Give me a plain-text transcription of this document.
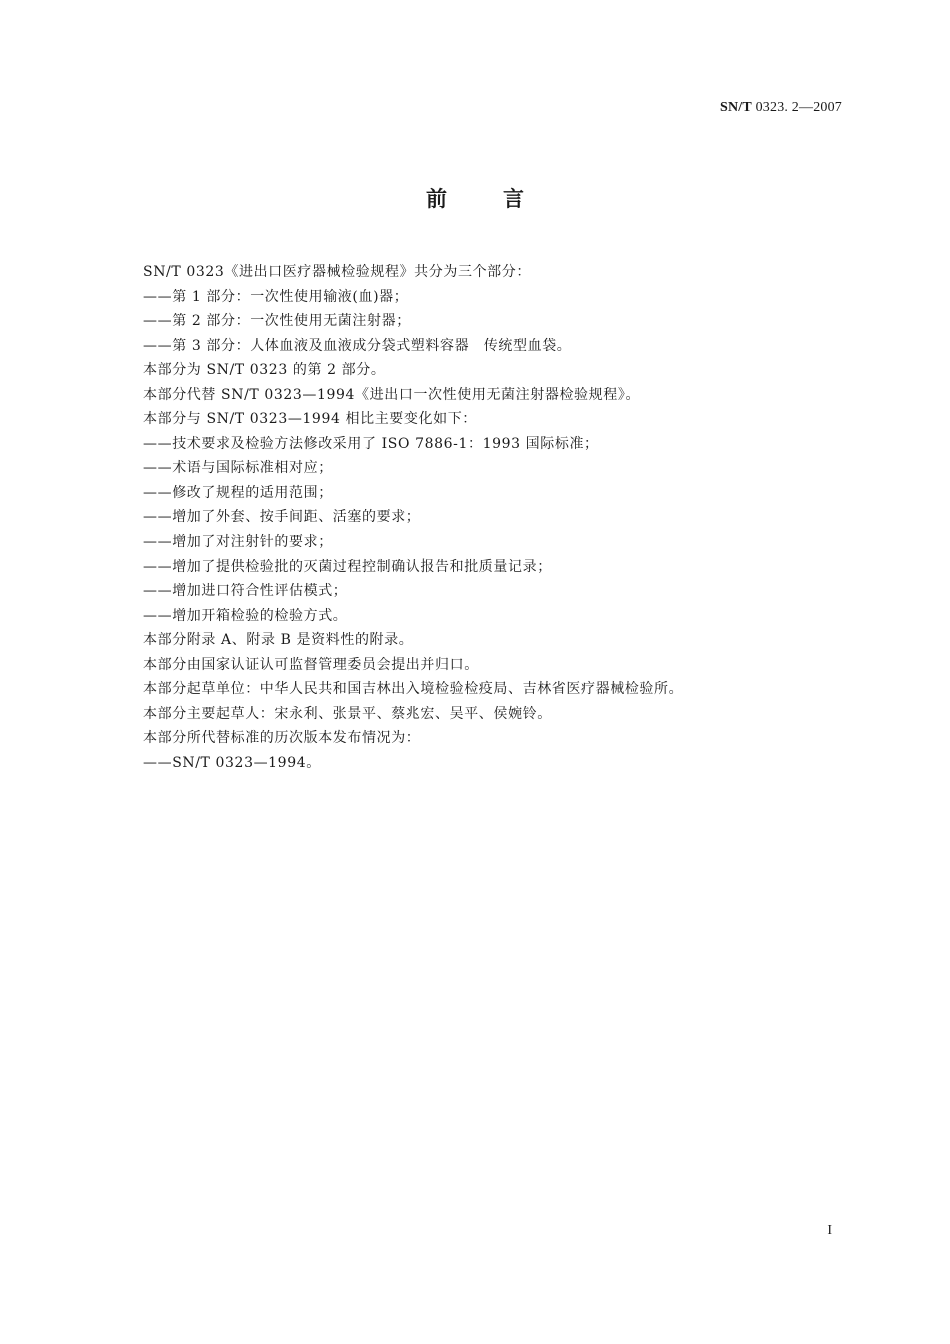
SN/T 0323. 2—2007
前言
SN/T 0323《进出口医疗器械检验规程》共分为三个部分：
——第 1 部分：一次性使用输液(血)器；
——第 2 部分：一次性使用无菌注射器；
——第 3 部分：人体血液及血液成分袋式塑料容器　传统型血袋。
本部分为 SN/T 0323 的第 2 部分。
本部分代替 SN/T 0323—1994《进出口一次性使用无菌注射器检验规程》。
本部分与 SN/T 0323—1994 相比主要变化如下：
——技术要求及检验方法修改采用了 ISO 7886-1：1993 国际标准；
——术语与国际标准相对应；
——修改了规程的适用范围；
——增加了外套、按手间距、活塞的要求；
——增加了对注射针的要求；
——增加了提供检验批的灭菌过程控制确认报告和批质量记录；
——增加进口符合性评估模式；
——增加开箱检验的检验方式。
本部分附录 A、附录 B 是资料性的附录。
本部分由国家认证认可监督管理委员会提出并归口。
本部分起草单位：中华人民共和国吉林出入境检验检疫局、吉林省医疗器械检验所。
本部分主要起草人：宋永利、张景平、蔡兆宏、吴平、侯婉铃。
本部分所代替标准的历次版本发布情况为：
——SN/T 0323—1994。
I
